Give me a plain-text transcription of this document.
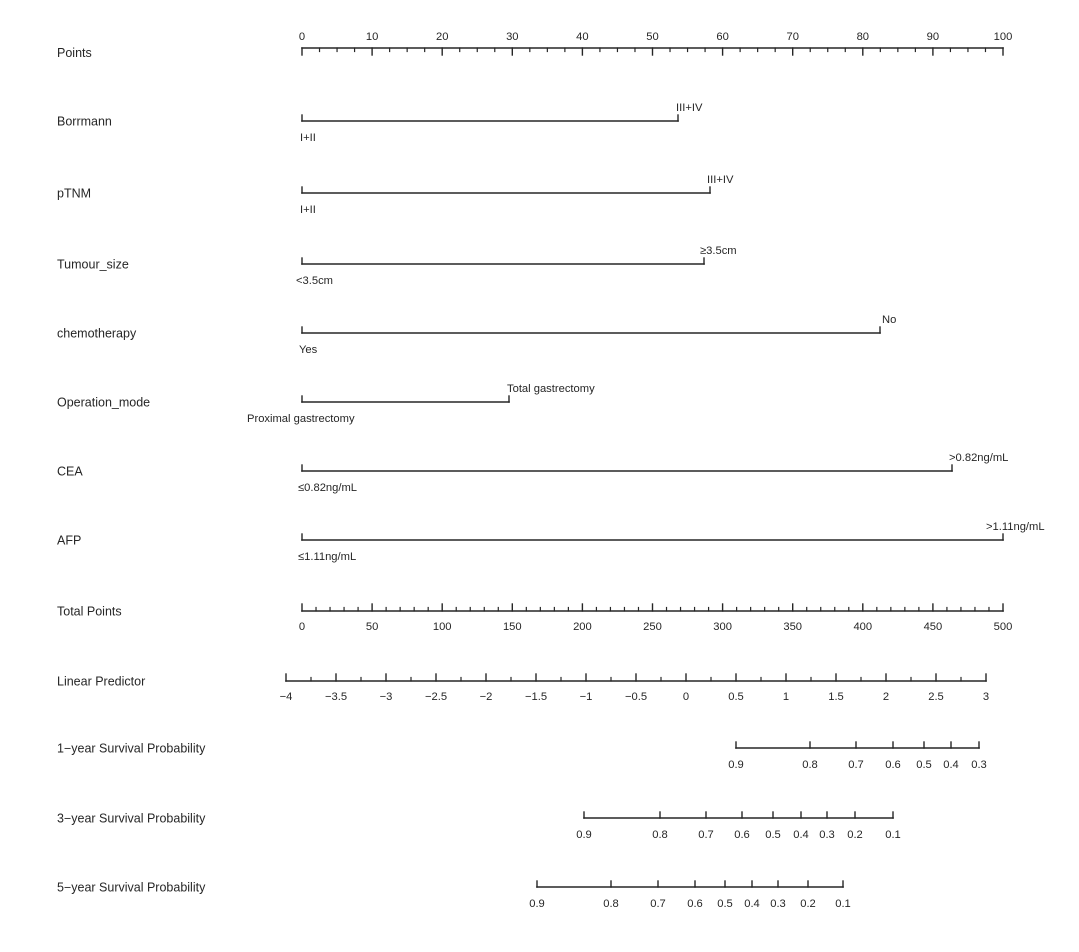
Points
0	10	20	30	40	50	60	70	80	90	100
Borrmann
III+IV
I+II
pTNM
III+IV
I+II
Tumour_size
≥3.5cm
<3.5cm
chemotherapy
No
Yes
Operation_mode
Total gastrectomy
Proximal gastrectomy
CEA
>0.82ng/mL
≤0.82ng/mL
AFP
>1.11ng/mL
≤1.11ng/mL
Total Points
0	50	100	150	200	250	300	350	400	450	500
Linear Predictor
−4	−3.5	−3	−2.5	−2	−1.5	−1	−0.5	0	0.5	1	1.5	2	2.5	3
1−year Survival Probability
0.9	0.8	0.7 0.6 0.5 0.4 0.3
3−year Survival Probability
0.9	0.8	0.7 0.6 0.5 0.4 0.3 0.2 0.1
5−year Survival Probability
0.9	0.8	0.7 0.6 0.5 0.4 0.3 0.2 0.1
